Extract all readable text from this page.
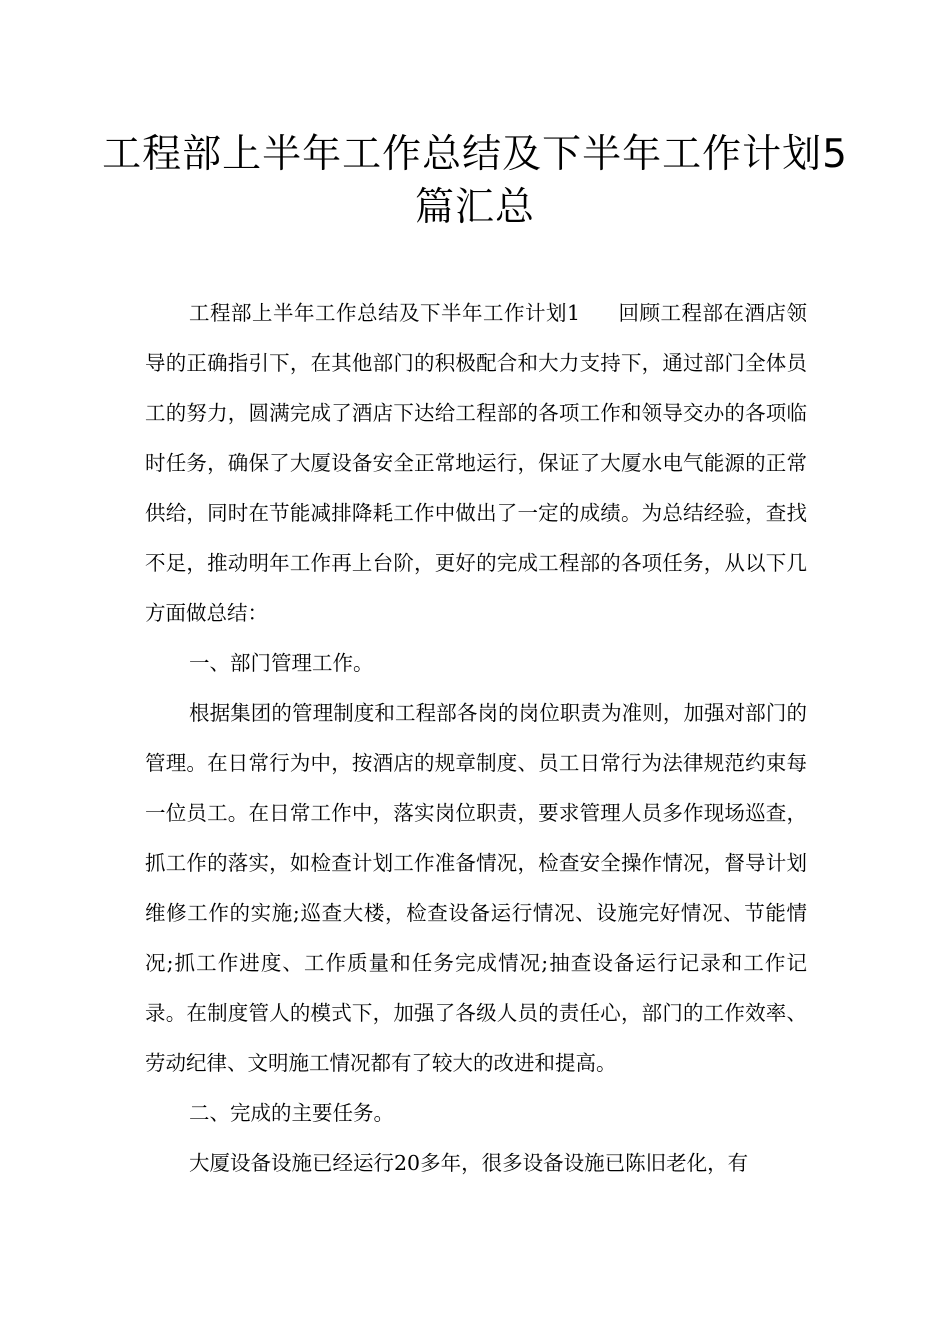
工程部上半年工作总结及下半年工作计划5篇汇总

工程部上半年工作总结及下半年工作计划1 回顾工程部在酒店领导的正确指引下，在其他部门的积极配合和大力支持下，通过部门全体员工的努力，圆满完成了酒店下达给工程部的各项工作和领导交办的各项临时任务，确保了大厦设备安全正常地运行，保证了大厦水电气能源的正常供给，同时在节能减排降耗工作中做出了一定的成绩。为总结经验，查找不足，推动明年工作再上台阶，更好的完成工程部的各项任务，从以下几方面做总结：

一、部门管理工作。

根据集团的管理制度和工程部各岗的岗位职责为准则，加强对部门的管理。在日常行为中，按酒店的规章制度、员工日常行为法律规范约束每一位员工。在日常工作中，落实岗位职责，要求管理人员多作现场巡查，抓工作的落实，如检查计划工作准备情况，检查安全操作情况，督导计划维修工作的实施;巡查大楼，检查设备运行情况、设施完好情况、节能情况;抓工作进度、工作质量和任务完成情况;抽查设备运行记录和工作记录。在制度管人的模式下，加强了各级人员的责任心，部门的工作效率、劳动纪律、文明施工情况都有了较大的改进和提高。

二、完成的主要任务。

大厦设备设施已经运行20多年，很多设备设施已陈旧老化，有
